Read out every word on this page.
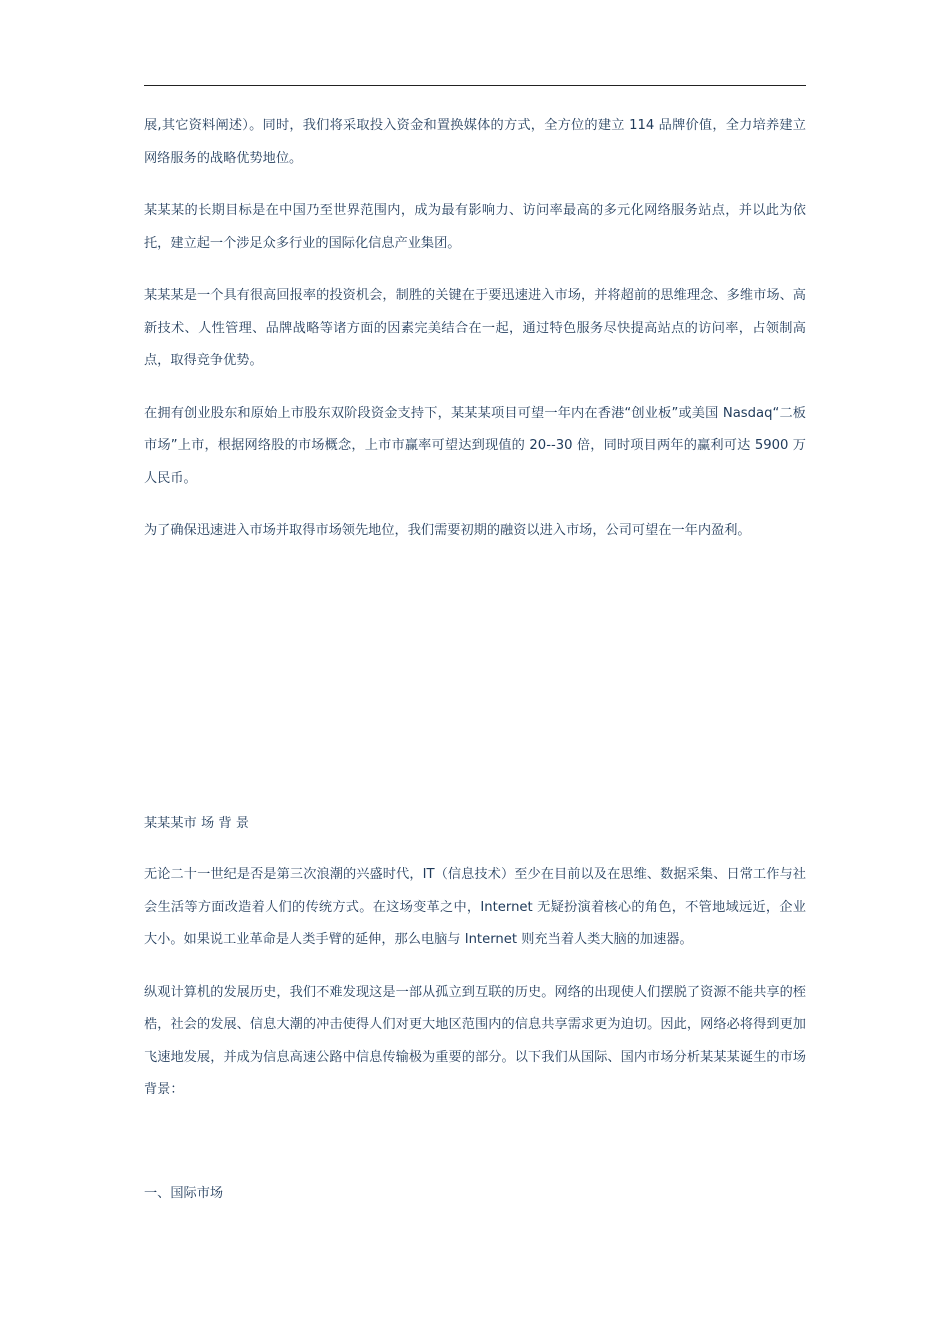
展,其它资料阐述）。同时，我们将采取投入资金和置换媒体的方式，全方位的建立 114 品牌价值，全力培养建立网络服务的战略优势地位。

某某某的长期目标是在中国乃至世界范围内，成为最有影响力、访问率最高的多元化网络服务站点，并以此为依托，建立起一个涉足众多行业的国际化信息产业集团。

某某某是一个具有很高回报率的投资机会，制胜的关键在于要迅速进入市场，并将超前的思维理念、多维市场、高新技术、人性管理、品牌战略等诸方面的因素完美结合在一起，通过特色服务尽快提高站点的访问率，占领制高点，取得竞争优势。

在拥有创业股东和原始上市股东双阶段资金支持下，某某某项目可望一年内在香港“创业板”或美国 Nasdaq“二板市场”上市，根据网络股的市场概念，上市市赢率可望达到现值的 20--30 倍，同时项目两年的赢利可达 5900 万人民币。

为了确保迅速进入市场并取得市场领先地位，我们需要初期的融资以进入市场，公司可望在一年内盈利。

某某某市 场 背 景

无论二十一世纪是否是第三次浪潮的兴盛时代，IT（信息技术）至少在目前以及在思维、数据采集、日常工作与社会生活等方面改造着人们的传统方式。在这场变革之中，Internet 无疑扮演着核心的角色，不管地域远近，企业大小。如果说工业革命是人类手臂的延伸，那么电脑与 Internet 则充当着人类大脑的加速器。

纵观计算机的发展历史，我们不难发现这是一部从孤立到互联的历史。网络的出现使人们摆脱了资源不能共享的桎梏，社会的发展、信息大潮的冲击使得人们对更大地区范围内的信息共享需求更为迫切。因此，网络必将得到更加飞速地发展，并成为信息高速公路中信息传输极为重要的部分。以下我们从国际、国内市场分析某某某诞生的市场背景：

一、国际市场
